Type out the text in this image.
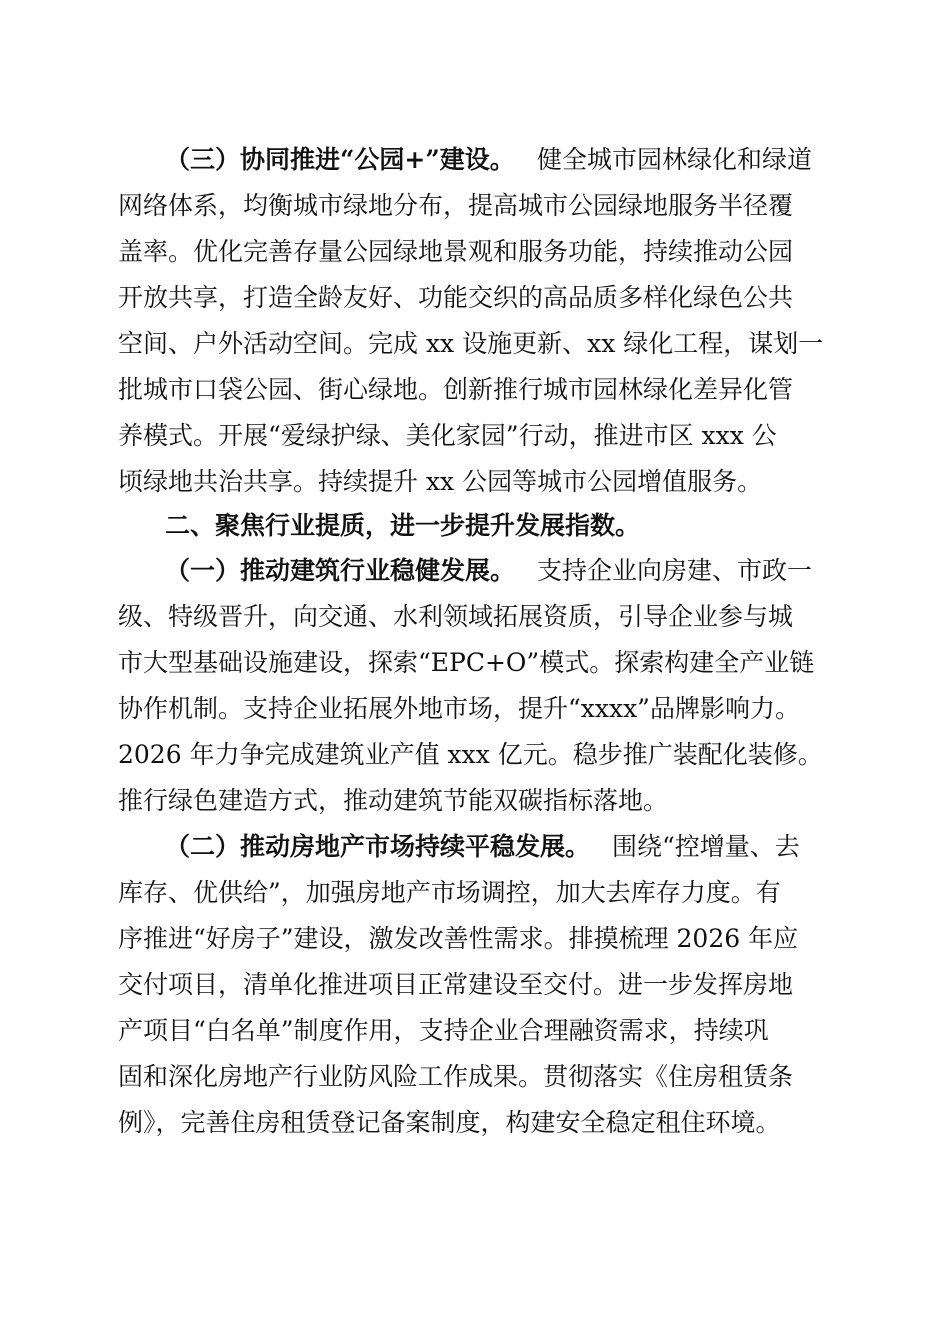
（三）协同推进“公园+”建设。 健全城市园林绿化和绿道
网络体系，均衡城市绿地分布，提高城市公园绿地服务半径覆
盖率。优化完善存量公园绿地景观和服务功能，持续推动公园
开放共享，打造全龄友好、功能交织的高品质多样化绿色公共
空间、户外活动空间。完成 xx 设施更新、xx 绿化工程，谋划一
批城市口袋公园、街心绿地。创新推行城市园林绿化差异化管
养模式。开展“爱绿护绿、美化家园”行动，推进市区 xxx 公
顷绿地共治共享。持续提升 xx 公园等城市公园增值服务。
二、聚焦行业提质，进一步提升发展指数。
（一）推动建筑行业稳健发展。 支持企业向房建、市政一
级、特级晋升，向交通、水利领域拓展资质，引导企业参与城
市大型基础设施建设，探索“EPC+O”模式。探索构建全产业链
协作机制。支持企业拓展外地市场，提升“xxxx”品牌影响力。
2026 年力争完成建筑业产值 xxx 亿元。稳步推广装配化装修。
推行绿色建造方式，推动建筑节能双碳指标落地。
（二）推动房地产市场持续平稳发展。 围绕“控增量、去
库存、优供给”，加强房地产市场调控，加大去库存力度。有
序推进“好房子”建设，激发改善性需求。排摸梳理 2026 年应
交付项目，清单化推进项目正常建设至交付。进一步发挥房地
产项目“白名单”制度作用，支持企业合理融资需求，持续巩
固和深化房地产行业防风险工作成果。贯彻落实《住房租赁条
例》，完善住房租赁登记备案制度，构建安全稳定租住环境。
